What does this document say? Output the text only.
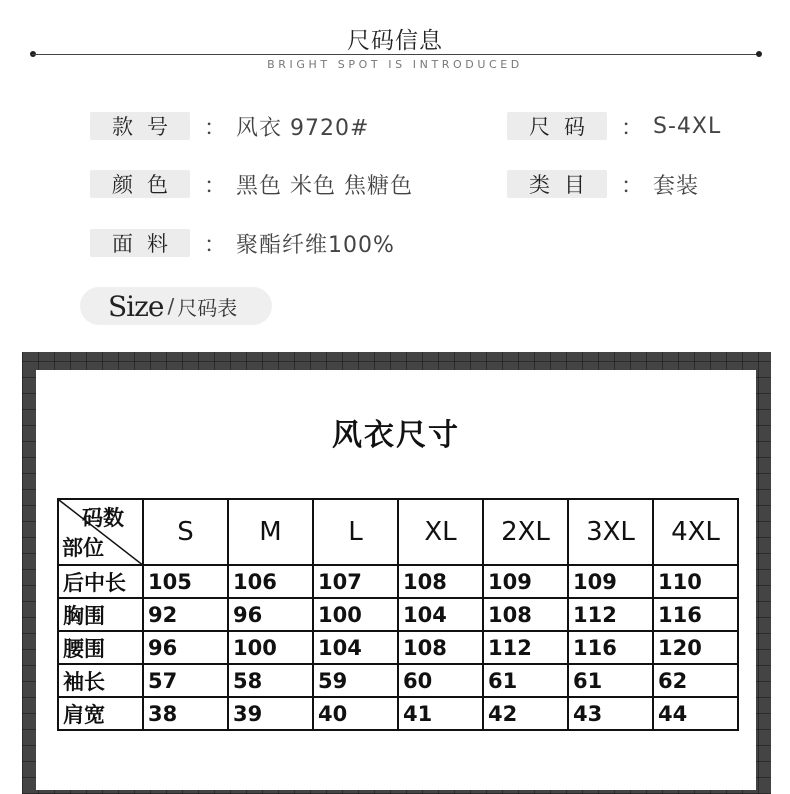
尺码信息
BRIGHT SPOT IS INTRODUCED
款号	： 风衣 9720#	尺码	： S-4XL
颜色	： 黑色 米色 焦糖色	类目	： 套装
面料	： 聚酯纤维100%
Size / 尺码表
风衣尺寸
码数
部位	S	M	L	XL	2XL	3XL	4XL
后中长	105	106	107	108	109	109	110
胸围	92	96	100	104	108	112	116
腰围	96	100	104	108	112	116	120
袖长	57	58	59	60	61	61	62
肩宽	38	39	40	41	42	43	44
